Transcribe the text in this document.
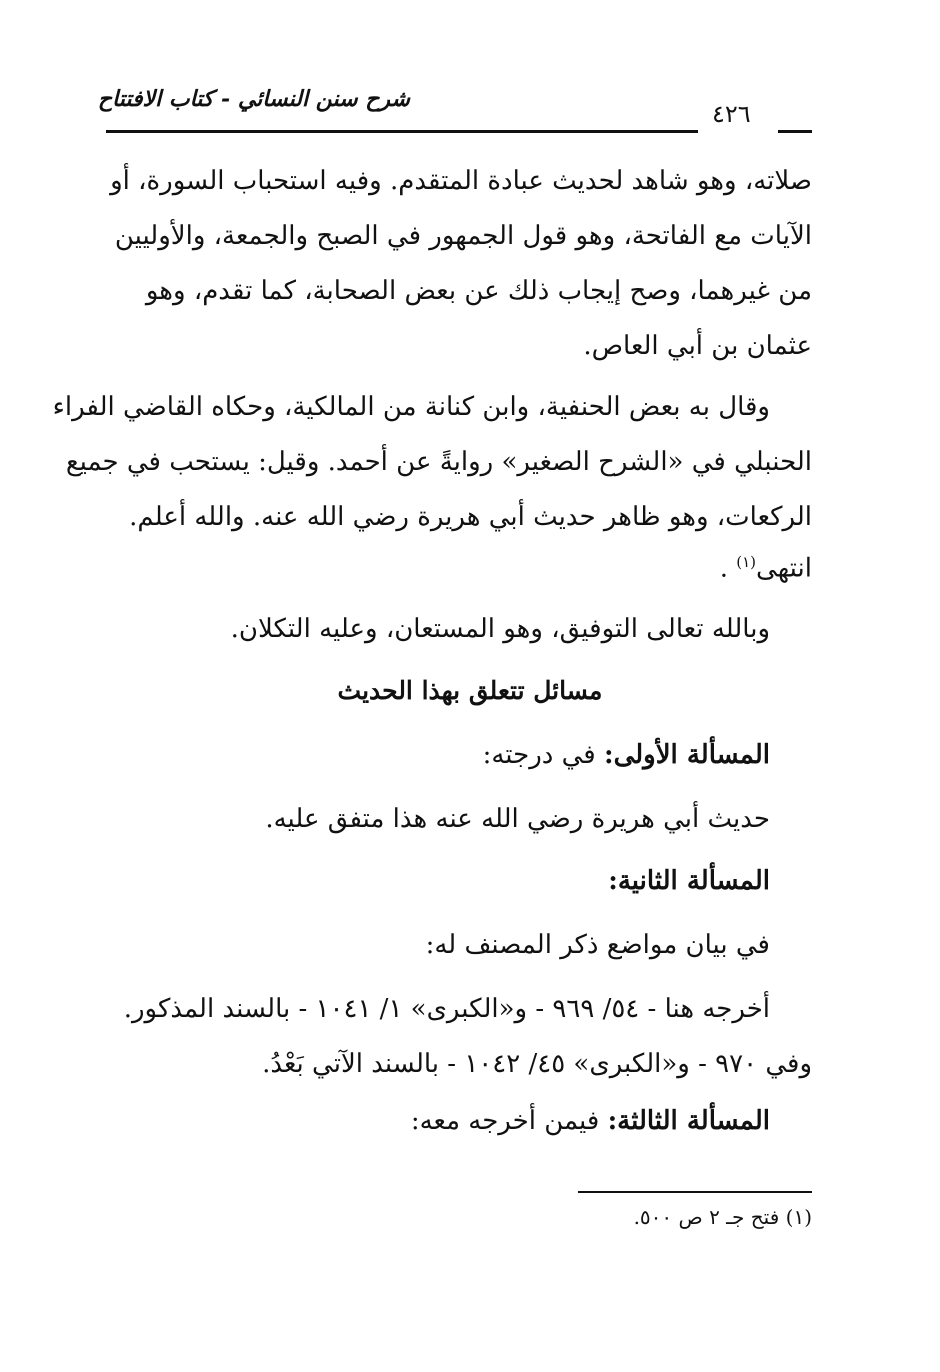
شرح سنن النسائي - كتاب الافتتاح
٤٢٦
صلاته، وهو شاهد لحديث عبادة المتقدم. وفيه استحباب السورة، أو
الآيات مع الفاتحة، وهو قول الجمهور في الصبح والجمعة، والأوليين
من غيرهما، وصح إيجاب ذلك عن بعض الصحابة، كما تقدم، وهو
عثمان بن أبي العاص.
وقال به بعض الحنفية، وابن كنانة من المالكية، وحكاه القاضي الفراء
الحنبلي في «الشرح الصغير» روايةً عن أحمد. وقيل: يستحب في جميع
الركعات، وهو ظاهر حديث أبي هريرة رضي الله عنه. والله أعلم.
انتهى$^{(١)}$ .
وبالله تعالى التوفيق، وهو المستعان، وعليه التكلان.
مسائل تتعلق بهذا الحديث
المسألة الأولى: في درجته:
حديث أبي هريرة رضي الله عنه هذا متفق عليه.
المسألة الثانية:
في بيان مواضع ذكر المصنف له:
أخرجه هنا - ٥٤/ ٩٦٩ - و«الكبرى» ١/ ١٠٤١ - بالسند المذكور.
وفي ٩٧٠ - و«الكبرى» ٤٥/ ١٠٤٢ - بالسند الآتي بَعْدُ.
المسألة الثالثة: فيمن أخرجه معه:
(١) فتح جـ ٢ ص ٥٠٠.
